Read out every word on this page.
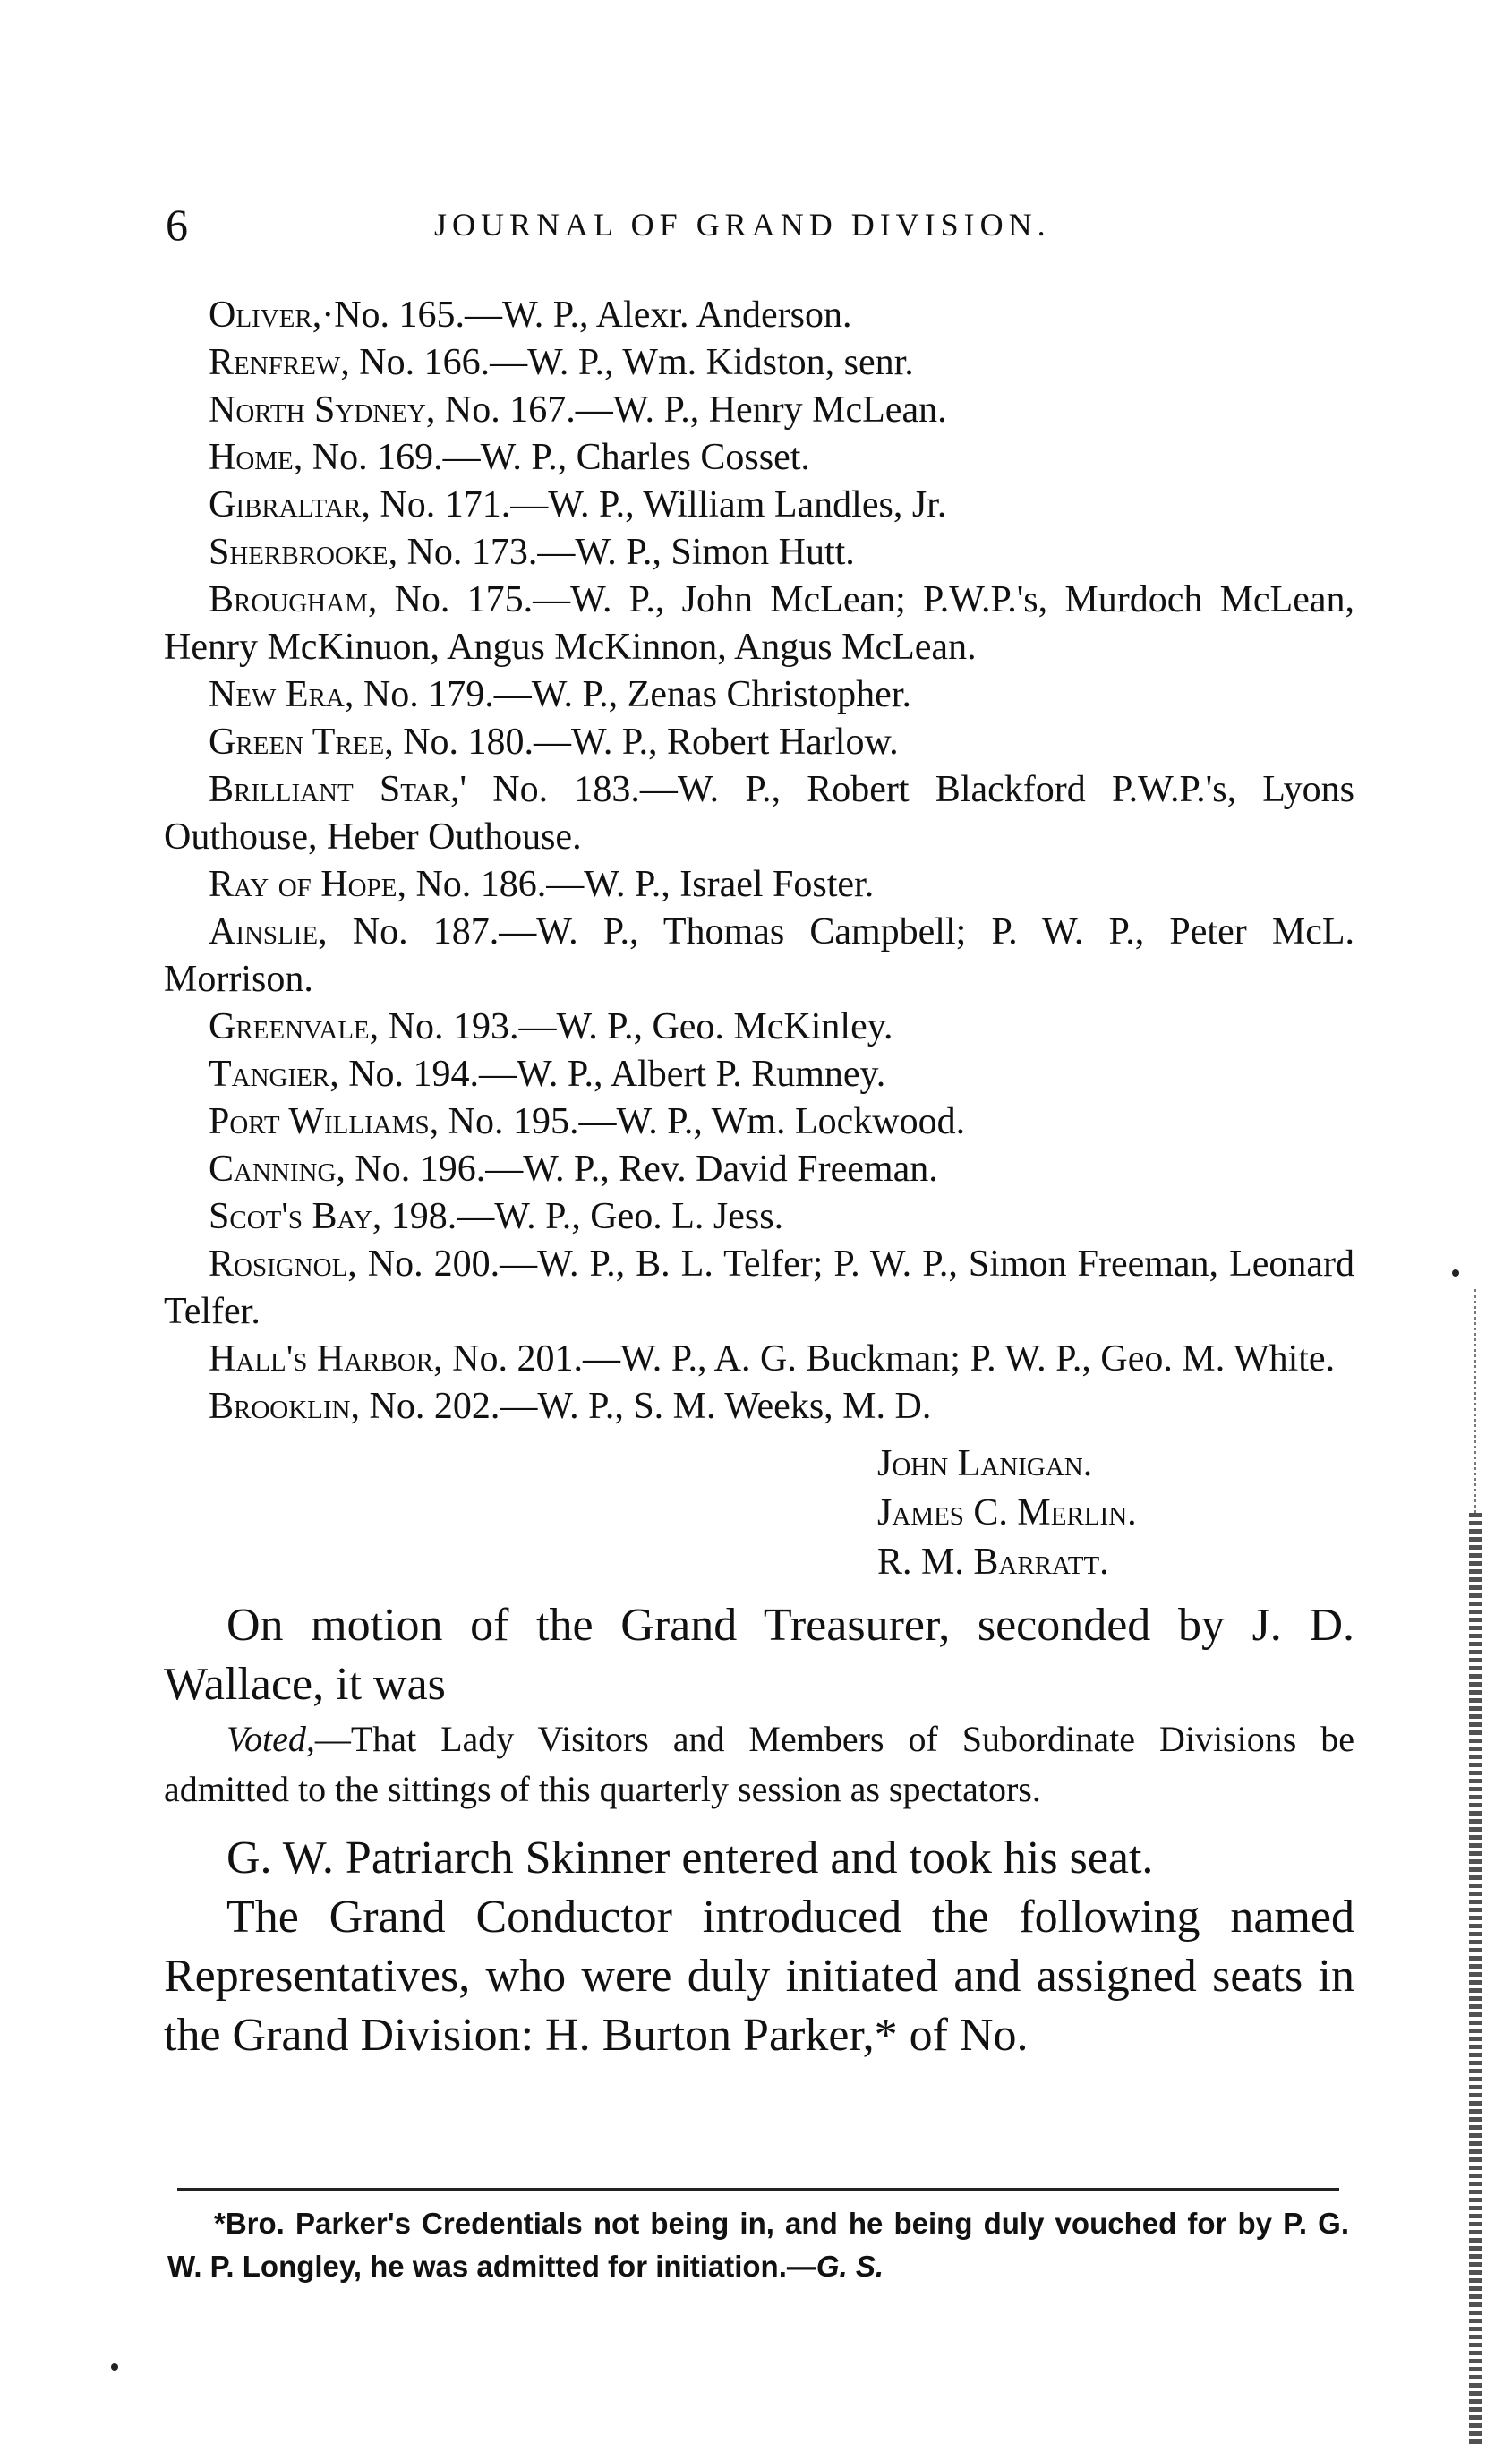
6	JOURNAL OF GRAND DIVISION.

Oliver,·No. 165.—W. P., Alexr. Anderson.

Renfrew, No. 166.—W. P., Wm. Kidston, senr.

North Sydney, No. 167.—W. P., Henry McLean.

Home, No. 169.—W. P., Charles Cosset.

Gibraltar, No. 171.—W. P., William Landles, Jr.

Sherbrooke, No. 173.—W. P., Simon Hutt.

Brougham, No. 175.—W. P., John McLean; P.W.P.'s, Murdoch McLean, Henry McKinuon, Angus McKinnon, Angus McLean.

New Era, No. 179.—W. P., Zenas Christopher.

Green Tree, No. 180.—W. P., Robert Harlow.

Brilliant Star,' No. 183.—W. P., Robert Blackford P.W.P.'s, Lyons Outhouse, Heber Outhouse.

Ray of Hope, No. 186.—W. P., Israel Foster.

Ainslie, No. 187.—W. P., Thomas Campbell; P. W. P., Peter McL. Morrison.

Greenvale, No. 193.—W. P., Geo. McKinley.

Tangier, No. 194.—W. P., Albert P. Rumney.

Port Williams, No. 195.—W. P., Wm. Lockwood.

Canning, No. 196.—W. P., Rev. David Freeman.

Scot's Bay, 198.—W. P., Geo. L. Jess.

Rosignol, No. 200.—W. P., B. L. Telfer; P. W. P., Simon Freeman, Leonard Telfer.

Hall's Harbor, No. 201.—W. P., A. G. Buckman; P. W. P., Geo. M. White.

Brooklin, No. 202.—W. P., S. M. Weeks, M. D.

John Lanigan.
James C. Merlin.
R. M. Barratt.

On motion of the Grand Treasurer, seconded by J. D. Wallace, it was

Voted,—That Lady Visitors and Members of Subordinate Divisions be admitted to the sittings of this quarterly session as spectators.

G. W. Patriarch Skinner entered and took his seat.

The Grand Conductor introduced the following named Representatives, who were duly initiated and assigned seats in the Grand Division: H. Burton Parker,* of No.

*Bro. Parker's Credentials not being in, and he being duly vouched for by P. G. W. P. Longley, he was admitted for initiation.—G. S.
